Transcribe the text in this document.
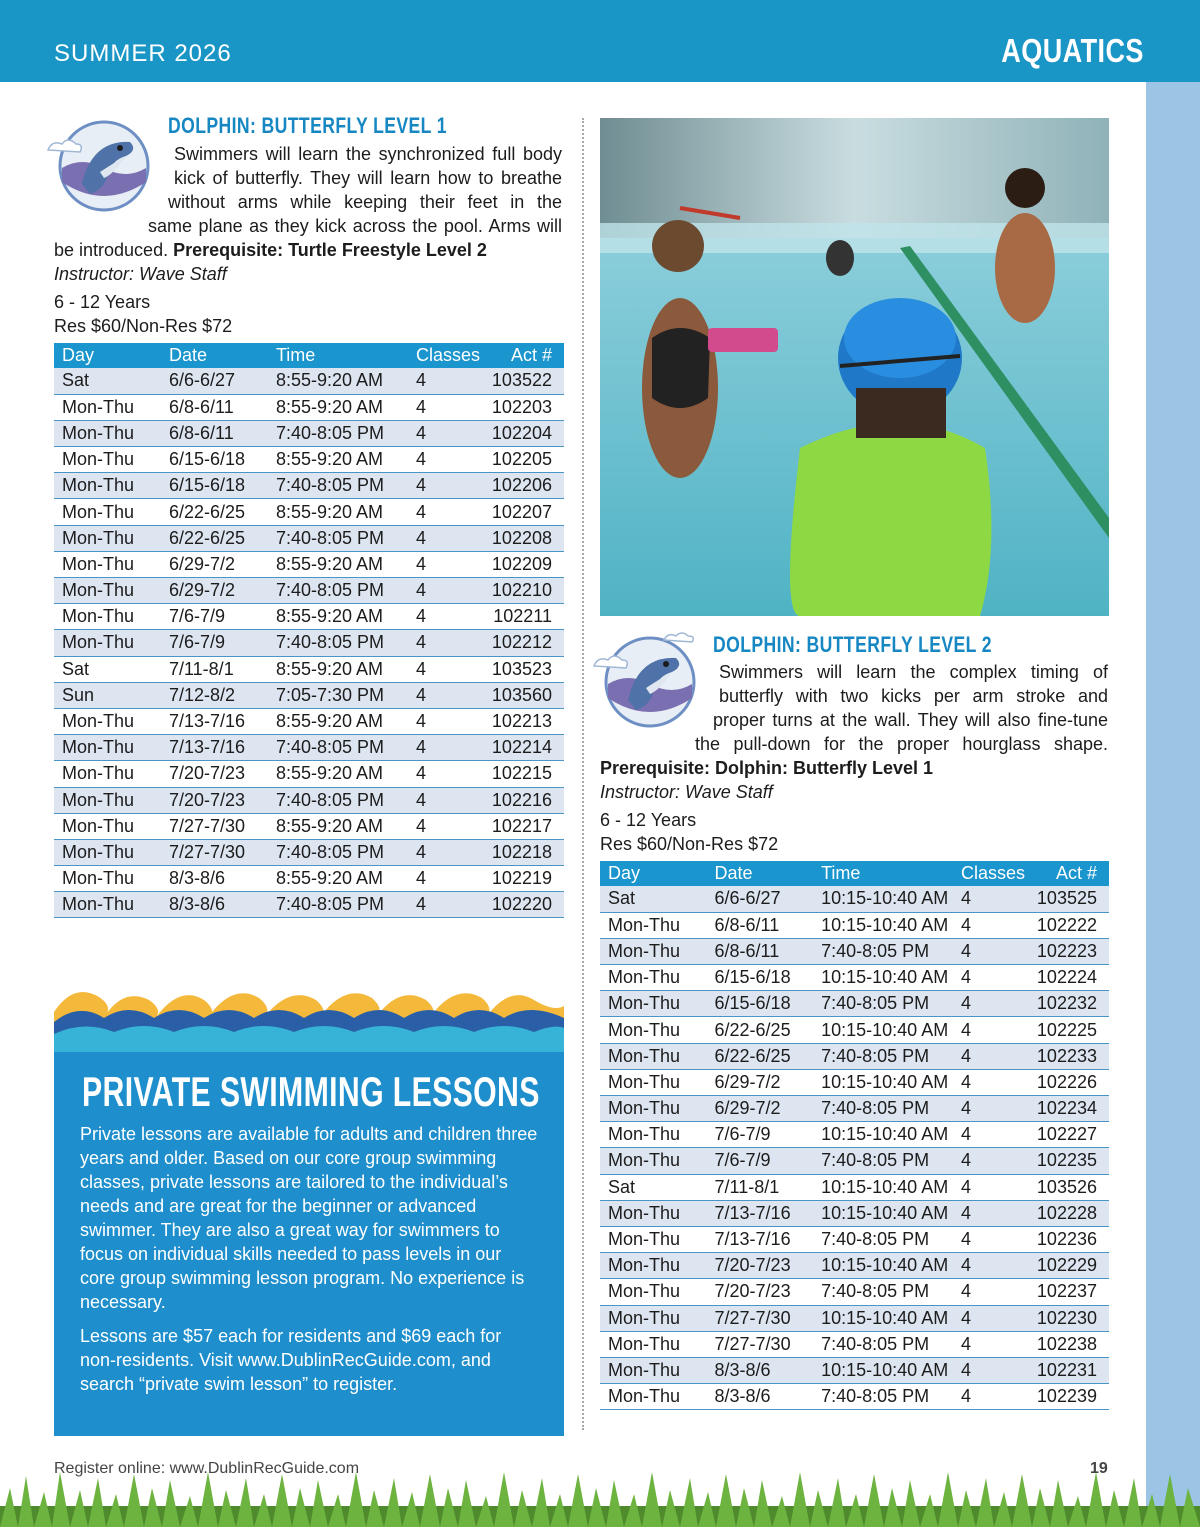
SUMMER 2026	AQUATICS
DOLPHIN: BUTTERFLY LEVEL 1
Swimmers will learn the synchronized full body
kick of butterfly. They will learn how to breathe
without arms while keeping their feet in the
same plane as they kick across the pool. Arms will
be introduced. Prerequisite: Turtle Freestyle Level 2
Instructor: Wave Staff
6 - 12 Years
Res $60/Non-Res $72
Day	Date	Time	Classes	Act #
Sat	6/6-6/27	8:55-9:20 AM	4	103522
Mon-Thu	6/8-6/11	8:55-9:20 AM	4	102203
Mon-Thu	6/8-6/11	7:40-8:05 PM	4	102204
Mon-Thu	6/15-6/18	8:55-9:20 AM	4	102205
Mon-Thu	6/15-6/18	7:40-8:05 PM	4	102206
Mon-Thu	6/22-6/25	8:55-9:20 AM	4	102207
Mon-Thu	6/22-6/25	7:40-8:05 PM	4	102208
Mon-Thu	6/29-7/2	8:55-9:20 AM	4	102209
Mon-Thu	6/29-7/2	7:40-8:05 PM	4	102210
Mon-Thu	7/6-7/9	8:55-9:20 AM	4	102211
Mon-Thu	7/6-7/9	7:40-8:05 PM	4	102212
Sat	7/11-8/1	8:55-9:20 AM	4	103523
Sun	7/12-8/2	7:05-7:30 PM	4	103560
Mon-Thu	7/13-7/16	8:55-9:20 AM	4	102213
Mon-Thu	7/13-7/16	7:40-8:05 PM	4	102214
Mon-Thu	7/20-7/23	8:55-9:20 AM	4	102215
Mon-Thu	7/20-7/23	7:40-8:05 PM	4	102216
Mon-Thu	7/27-7/30	8:55-9:20 AM	4	102217
Mon-Thu	7/27-7/30	7:40-8:05 PM	4	102218
Mon-Thu	8/3-8/6	8:55-9:20 AM	4	102219
Mon-Thu	8/3-8/6	7:40-8:05 PM	4	102220
DOLPHIN: BUTTERFLY LEVEL 2
Swimmers will learn the complex timing of
butterfly with two kicks per arm stroke and
proper turns at the wall. They will also fine-tune
the pull-down for the proper hourglass shape.
Prerequisite: Dolphin: Butterfly Level 1
Instructor: Wave Staff
6 - 12 Years
Res $60/Non-Res $72
Day	Date	Time	Classes	Act #
Sat	6/6-6/27	10:15-10:40 AM	4	103525
Mon-Thu	6/8-6/11	10:15-10:40 AM	4	102222
Mon-Thu	6/8-6/11	7:40-8:05 PM	4	102223
Mon-Thu	6/15-6/18	10:15-10:40 AM	4	102224
Mon-Thu	6/15-6/18	7:40-8:05 PM	4	102232
Mon-Thu	6/22-6/25	10:15-10:40 AM	4	102225
Mon-Thu	6/22-6/25	7:40-8:05 PM	4	102233
Mon-Thu	6/29-7/2	10:15-10:40 AM	4	102226
Mon-Thu	6/29-7/2	7:40-8:05 PM	4	102234
Mon-Thu	7/6-7/9	10:15-10:40 AM	4	102227
Mon-Thu	7/6-7/9	7:40-8:05 PM	4	102235
Sat	7/11-8/1	10:15-10:40 AM	4	103526
Mon-Thu	7/13-7/16	10:15-10:40 AM	4	102228
Mon-Thu	7/13-7/16	7:40-8:05 PM	4	102236
Mon-Thu	7/20-7/23	10:15-10:40 AM	4	102229
Mon-Thu	7/20-7/23	7:40-8:05 PM	4	102237
Mon-Thu	7/27-7/30	10:15-10:40 AM	4	102230
Mon-Thu	7/27-7/30	7:40-8:05 PM	4	102238
Mon-Thu	8/3-8/6	10:15-10:40 AM	4	102231
Mon-Thu	8/3-8/6	7:40-8:05 PM	4	102239
PRIVATE SWIMMING LESSONS
Private lessons are available for adults and children three years and older. Based on our core group swimming classes, private lessons are tailored to the individual’s needs and are great for the beginner or advanced swimmer. They are also a great way for swimmers to focus on individual skills needed to pass levels in our core group swimming lesson program. No experience is necessary.
Lessons are $57 each for residents and $69 each for non-residents. Visit www.DublinRecGuide.com, and search “private swim lesson” to register.
Register online: www.DublinRecGuide.com	19
